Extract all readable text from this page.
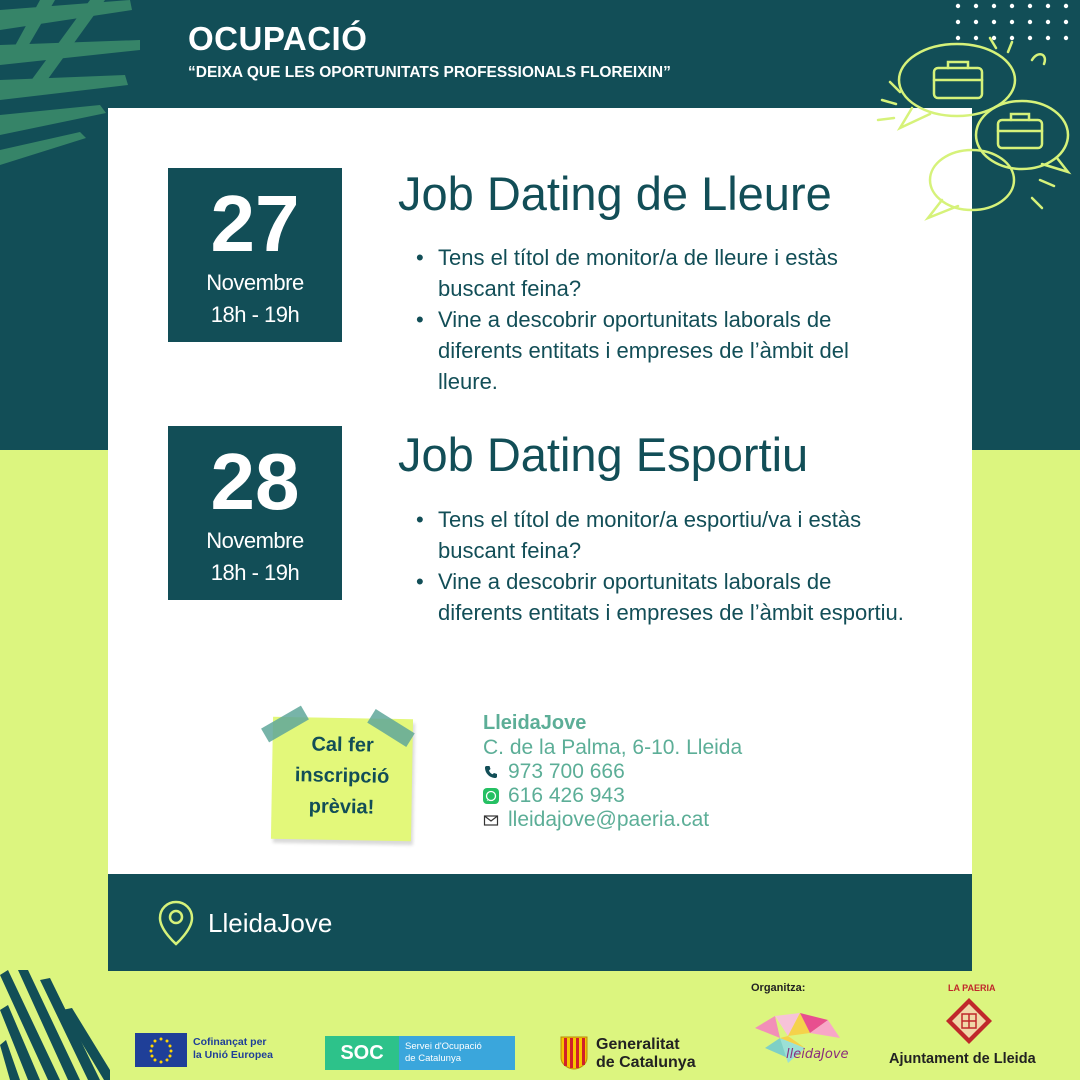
OCUPACIÓ
“DEIXA QUE LES OPORTUNITATS PROFESSIONALS FLOREIXIN”
27
Novembre
18h - 19h
Job Dating de Lleure
• Tens el títol de monitor/a de lleure i estàs buscant feina?
• Vine a descobrir oportunitats laborals de diferents entitats i empreses de l’àmbit del lleure.
28
Novembre
18h - 19h
Job Dating Esportiu
• Tens el títol de monitor/a esportiu/va i estàs buscant feina?
• Vine a descobrir oportunitats laborals de diferents entitats i empreses de l’àmbit esportiu.
Cal fer
inscripció
prèvia!
LleidaJove
C. de la Palma, 6-10. Lleida
973 700 666
616 426 943
lleidajove@paeria.cat
LleidaJove
Cofinançat per
la Unió Europea	SOC	Servei d'Ocupació
de Catalunya
Generalitat
de Catalunya
Organitza:
lleidaJove
LA PAERIA
Ajuntament de Lleida
